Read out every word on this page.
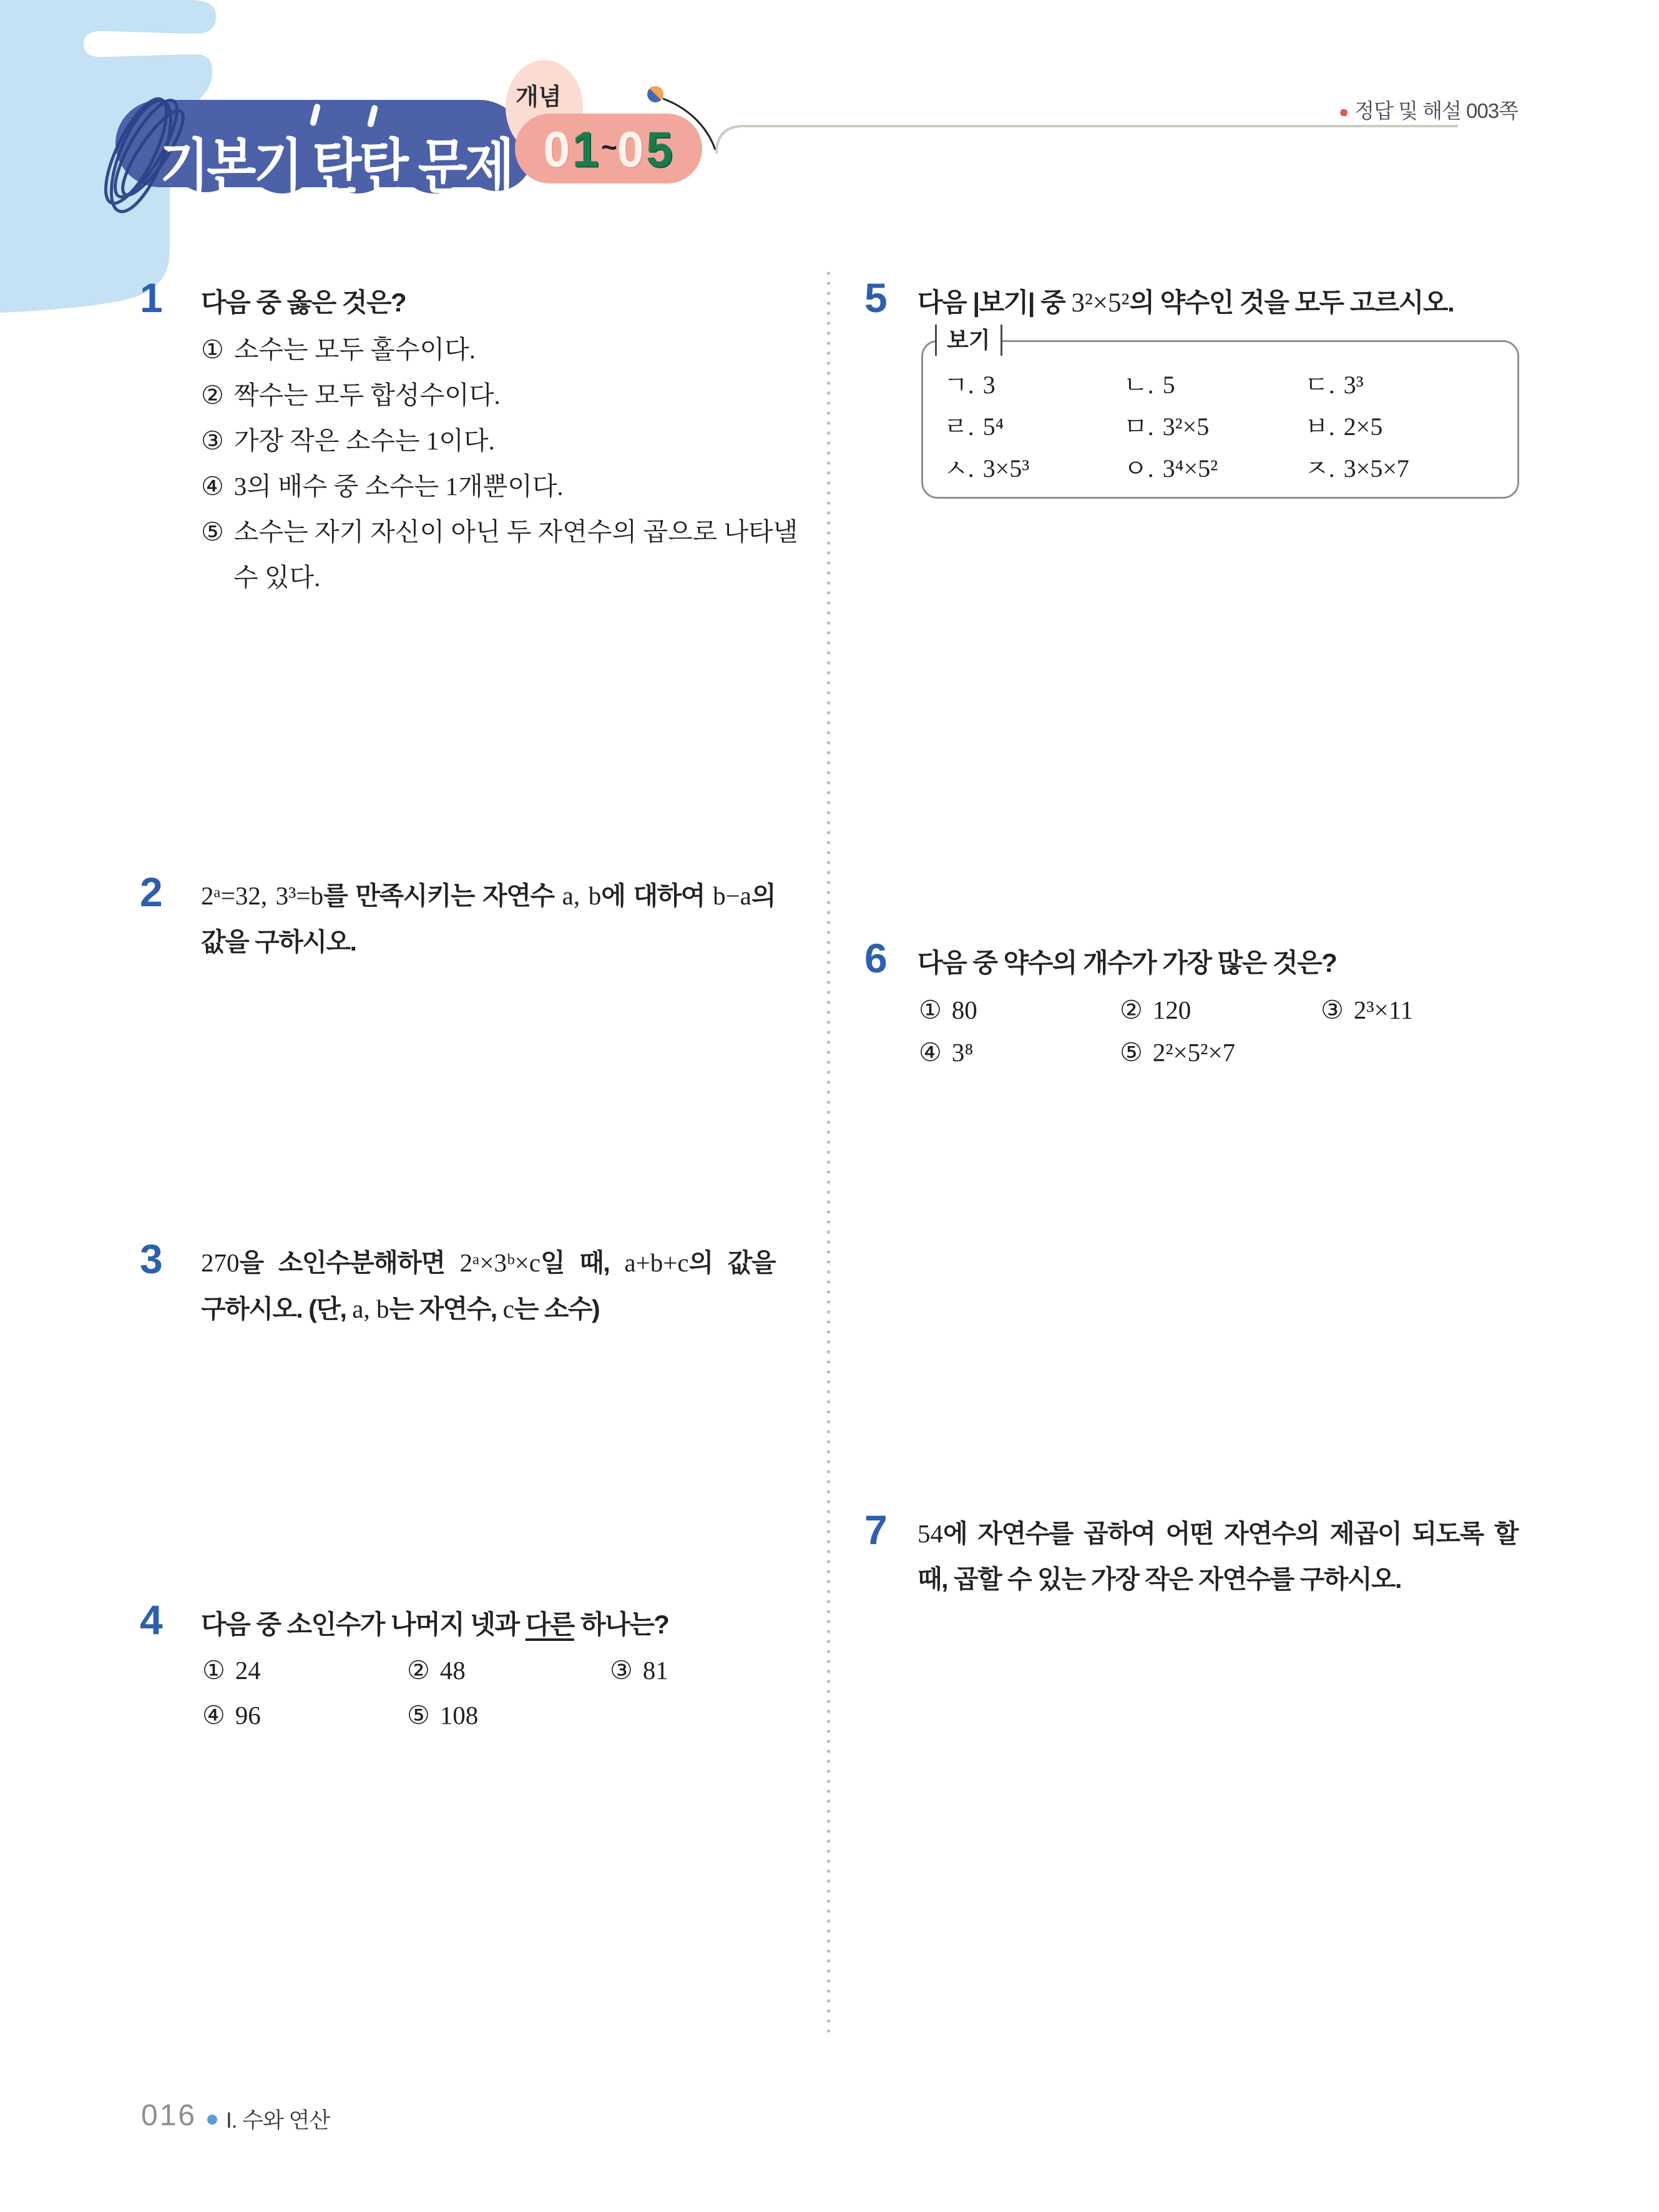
기본기 탄탄 문제
개념
01~05
정답 및 해설 003쪽
1 다음 중 옳은 것은?
① 소수는 모두 홀수이다.
② 짝수는 모두 합성수이다.
③ 가장 작은 소수는 1이다.
④ 3의 배수 중 소수는 1개뿐이다.
⑤ 소수는 자기 자신이 아닌 두 자연수의 곱으로 나타낼
수 있다.
2 2ᵃ=32, 3³=b를 만족시키는 자연수 a, b에 대하여 b−a의
값을 구하시오.
3 270을 소인수분해하면 2ᵃ×3ᵇ×c일 때, a+b+c의 값을
구하시오. (단, a, b는 자연수, c는 소수)
4 다음 중 소인수가 나머지 넷과 다른 하나는?
① 24	② 48	③ 81
④ 96	⑤ 108
5 다음 |보기| 중 3²×5²의 약수인 것을 모두 고르시오.
보기
ㄱ. 3	ㄴ. 5	ㄷ. 3³
ㄹ. 5⁴	ㅁ. 3²×5	ㅂ. 2×5
ㅅ. 3×5³	ㅇ. 3⁴×5²	ㅈ. 3×5×7
6 다음 중 약수의 개수가 가장 많은 것은?
① 80	② 120	③ 2³×11
④ 3⁸	⑤ 2²×5²×7
7 54에 자연수를 곱하여 어떤 자연수의 제곱이 되도록 할
때, 곱할 수 있는 가장 작은 자연수를 구하시오.
016 I. 수와 연산
